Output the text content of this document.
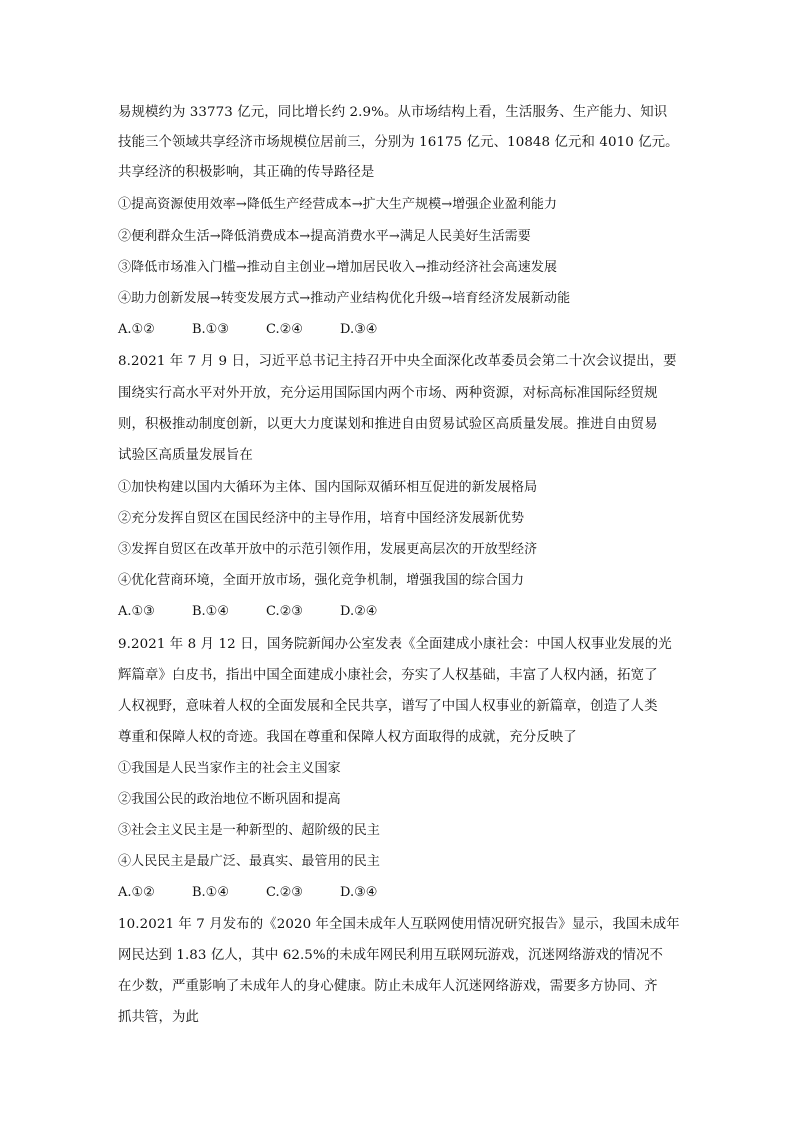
易规模约为 33773 亿元，同比增长约 2.9%。从市场结构上看，生活服务、生产能力、知识
技能三个领域共享经济市场规模位居前三，分别为 16175 亿元、10848 亿元和 4010 亿元。
共享经济的积极影响，其正确的传导路径是
①提高资源使用效率→降低生产经营成本→扩大生产规模→增强企业盈利能力
②便利群众生活→降低消费成本→提高消费水平→满足人民美好生活需要
③降低市场准入门槛→推动自主创业→增加居民收入→推动经济社会高速发展
④助力创新发展→转变发展方式→推动产业结构优化升级→培育经济发展新动能
A.①②	B.①③	C.②④	D.③④
8.2021 年 7 月 9 日，习近平总书记主持召开中央全面深化改革委员会第二十次会议提出，要
围绕实行高水平对外开放，充分运用国际国内两个市场、两种资源，对标高标准国际经贸规
则，积极推动制度创新，以更大力度谋划和推进自由贸易试验区高质量发展。推进自由贸易
试验区高质量发展旨在
①加快构建以国内大循环为主体、国内国际双循环相互促进的新发展格局
②充分发挥自贸区在国民经济中的主导作用，培育中国经济发展新优势
③发挥自贸区在改革开放中的示范引领作用，发展更高层次的开放型经济
④优化营商环境，全面开放市场，强化竞争机制，增强我国的综合国力
A.①③	B.①④	C.②③	D.②④
9.2021 年 8 月 12 日，国务院新闻办公室发表《全面建成小康社会：中国人权事业发展的光
辉篇章》白皮书，指出中国全面建成小康社会，夯实了人权基础，丰富了人权内涵，拓宽了
人权视野，意味着人权的全面发展和全民共享，谱写了中国人权事业的新篇章，创造了人类
尊重和保障人权的奇迹。我国在尊重和保障人权方面取得的成就，充分反映了
①我国是人民当家作主的社会主义国家
②我国公民的政治地位不断巩固和提高
③社会主义民主是一种新型的、超阶级的民主
④人民民主是最广泛、最真实、最管用的民主
A.①②	B.①④	C.②③	D.③④
10.2021 年 7 月发布的《2020 年全国未成年人互联网使用情况研究报告》显示，我国未成年
网民达到 1.83 亿人，其中 62.5%的未成年网民利用互联网玩游戏，沉迷网络游戏的情况不
在少数，严重影响了未成年人的身心健康。防止未成年人沉迷网络游戏，需要多方协同、齐
抓共管，为此
